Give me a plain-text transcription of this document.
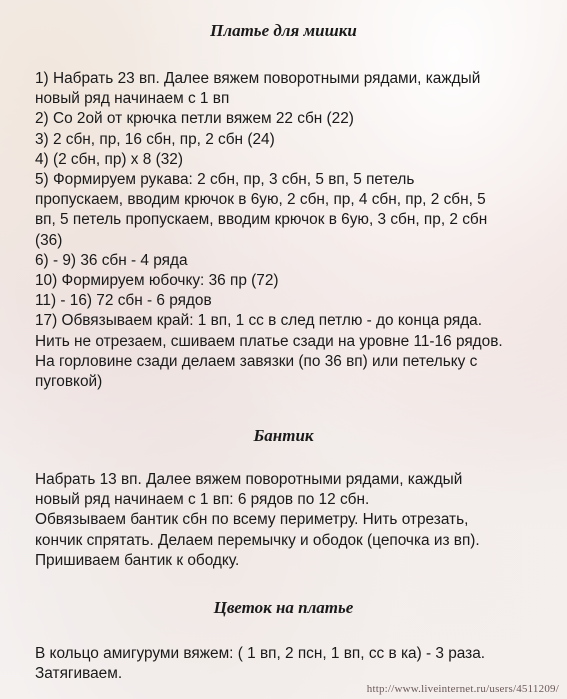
Платье для мишки

1) Набрать 23 вп. Далее вяжем поворотными рядами, каждый
новый ряд начинаем с 1 вп

2) Со 2ой от крючка петли вяжем 22 сбн (22)

3) 2 сбн, пр, 16 сбн, пр, 2 сбн (24)

4) (2 сбн, пр) x 8 (32)

5) Формируем рукава: 2 сбн, пр, 3 сбн, 5 вп, 5 петель
пропускаем, вводим крючок в 6ую, 2 сбн, пр, 4 сбн, пр, 2 сбн, 5
вп, 5 петель пропускаем, вводим крючок в 6ую, 3 сбн, пр, 2 сбн
(36)

6) - 9) 36 сбн - 4 ряда

10) Формируем юбочку: 36 пр (72)

11) - 16) 72 сбн - 6 рядов

17) Обвязываем край: 1 вп, 1 сс в след петлю - до конца ряда.
Нить не отрезаем, сшиваем платье сзади на уровне 11-16 рядов.
На горловине сзади делаем завязки (по 36 вп) или петельку с
пуговкой)

Бантик

Набрать 13 вп. Далее вяжем поворотными рядами, каждый
новый ряд начинаем с 1 вп: 6 рядов по 12 сбн.
Обвязываем бантик сбн по всему периметру. Нить отрезать,
кончик спрятать. Делаем перемычку и ободок (цепочка из вп).
Пришиваем бантик к ободку.

Цветок на платье

В кольцо амигуруми вяжем: ( 1 вп, 2 псн, 1 вп, сс в ка) - 3 раза.
Затягиваем.

http://www.liveinternet.ru/users/4511209/
